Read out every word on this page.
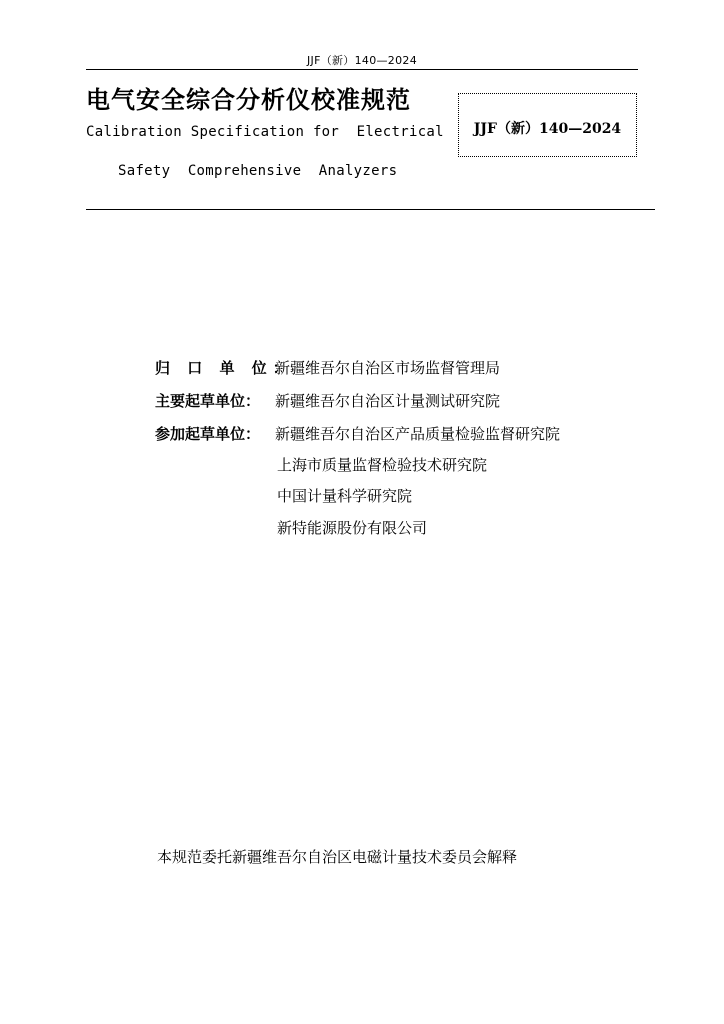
JJF（新）140—2024
电气安全综合分析仪校准规范
Calibration Specification for  Electrical
Safety  Comprehensive  Analyzers
JJF（新）140—2024
归 口 单 位：新疆维吾尔自治区市场监督管理局
主要起草单位： 新疆维吾尔自治区计量测试研究院
参加起草单位： 新疆维吾尔自治区产品质量检验监督研究院
上海市质量监督检验技术研究院
中国计量科学研究院
新特能源股份有限公司
本规范委托新疆维吾尔自治区电磁计量技术委员会解释
